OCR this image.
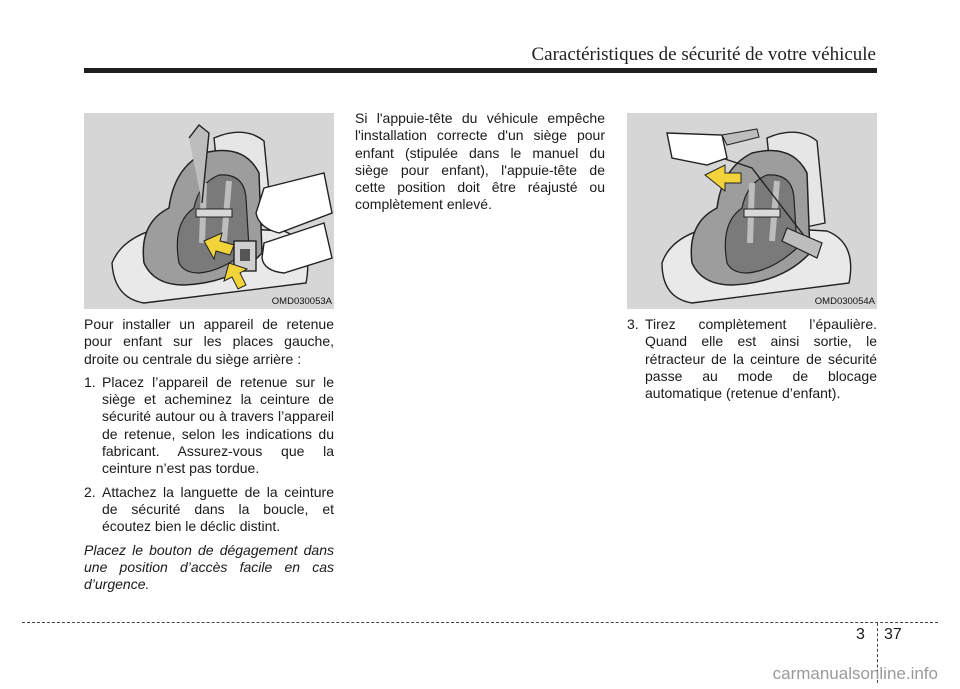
Caractéristiques de sécurité de votre véhicule
OMD030053A	OMD030054A

Pour installer un appareil de retenue pour enfant sur les places gauche, droite ou centrale du siège arrière :

1. Placez l’appareil de retenue sur le siège et acheminez la ceinture de sécurité autour ou à travers l’appareil de retenue, selon les indications du fabricant. Assurez-vous que la ceinture n’est pas tordue.
2. Attachez la languette de la ceinture de sécurité dans la boucle, et écoutez bien le déclic distint.

Placez le bouton de dégagement dans une position d’accès facile en cas d’urgence.

Si l'appuie-tête du véhicule empêche l'installation correcte d'un siège pour enfant (stipulée dans le manuel du siège pour enfant), l'appuie-tête de cette position doit être réajusté ou complètement enlevé.

3. Tirez complètement l’épaulière. Quand elle est ainsi sortie, le rétracteur de la ceinture de sécurité passe au mode de blocage automatique (retenue d’enfant).
3 37
carmanualsonline.info
